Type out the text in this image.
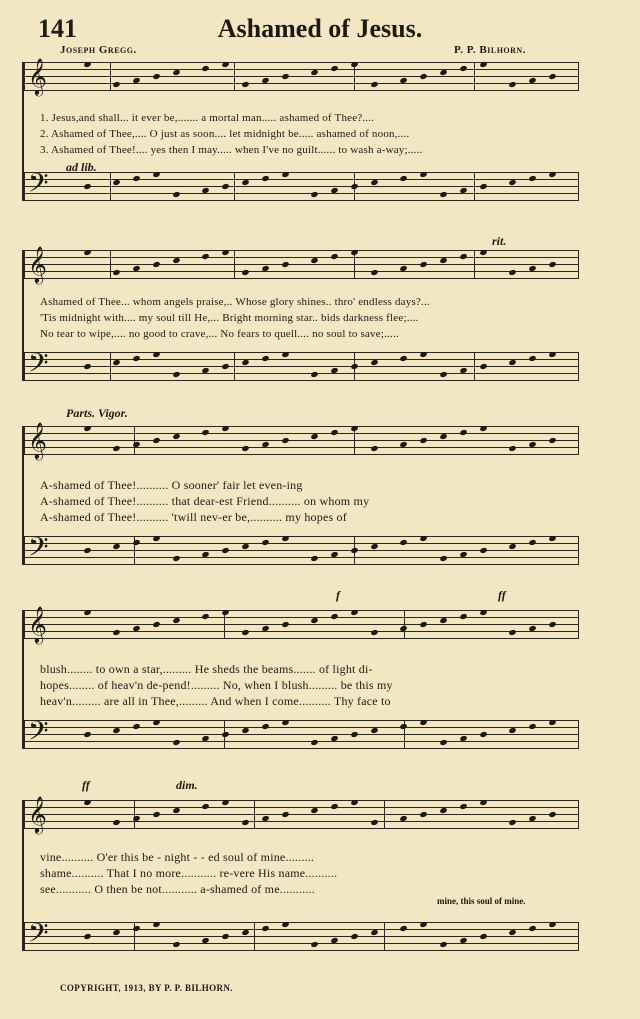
141	Ashamed of Jesus.
Joseph Gregg.	P. P. Bilhorn.
𝄞
𝄢
𝄞
𝄢
𝄞
𝄢
𝄞
𝄢
𝄞
𝄢
ad lib.
rit.
Parts. Vigor.
f	ff
ff	dim.
1. Jesus,and shall... it ever be,....... a mortal man..... ashamed of Thee?....
2. Ashamed of Thee,.... O just as soon.... let midnight be..... ashamed of noon,....
3. Ashamed of Thee!.... yes then I may..... when I've no guilt...... to wash a-way;.....
Ashamed of Thee... whom angels praise,.. Whose glory shines.. thro' endless days?...
'Tis midnight with.... my soul till He,... Bright morning star.. bids darkness flee;....
No tear to wipe,.... no good to crave,... No fears to quell.... no soul to save;.....
A-shamed of Thee!.......... O sooner' fair let even-ing
A-shamed of Thee!.......... that dear-est Friend.......... on whom my
A-shamed of Thee!.......... 'twill nev-er be,.......... my hopes of
blush........ to own a star,......... He sheds the beams....... of light di-
hopes........ of heav'n de-pend!......... No, when I blush......... be this my
heav'n......... are all in Thee,......... And when I come.......... Thy face to
vine.......... O'er this be - night - - ed soul of mine.........
shame.......... That I no more........... re-vere His name..........
see........... O then be not........... a-shamed of me...........
mine, this soul of mine.
COPYRIGHT, 1913, BY P. P. BILHORN.
